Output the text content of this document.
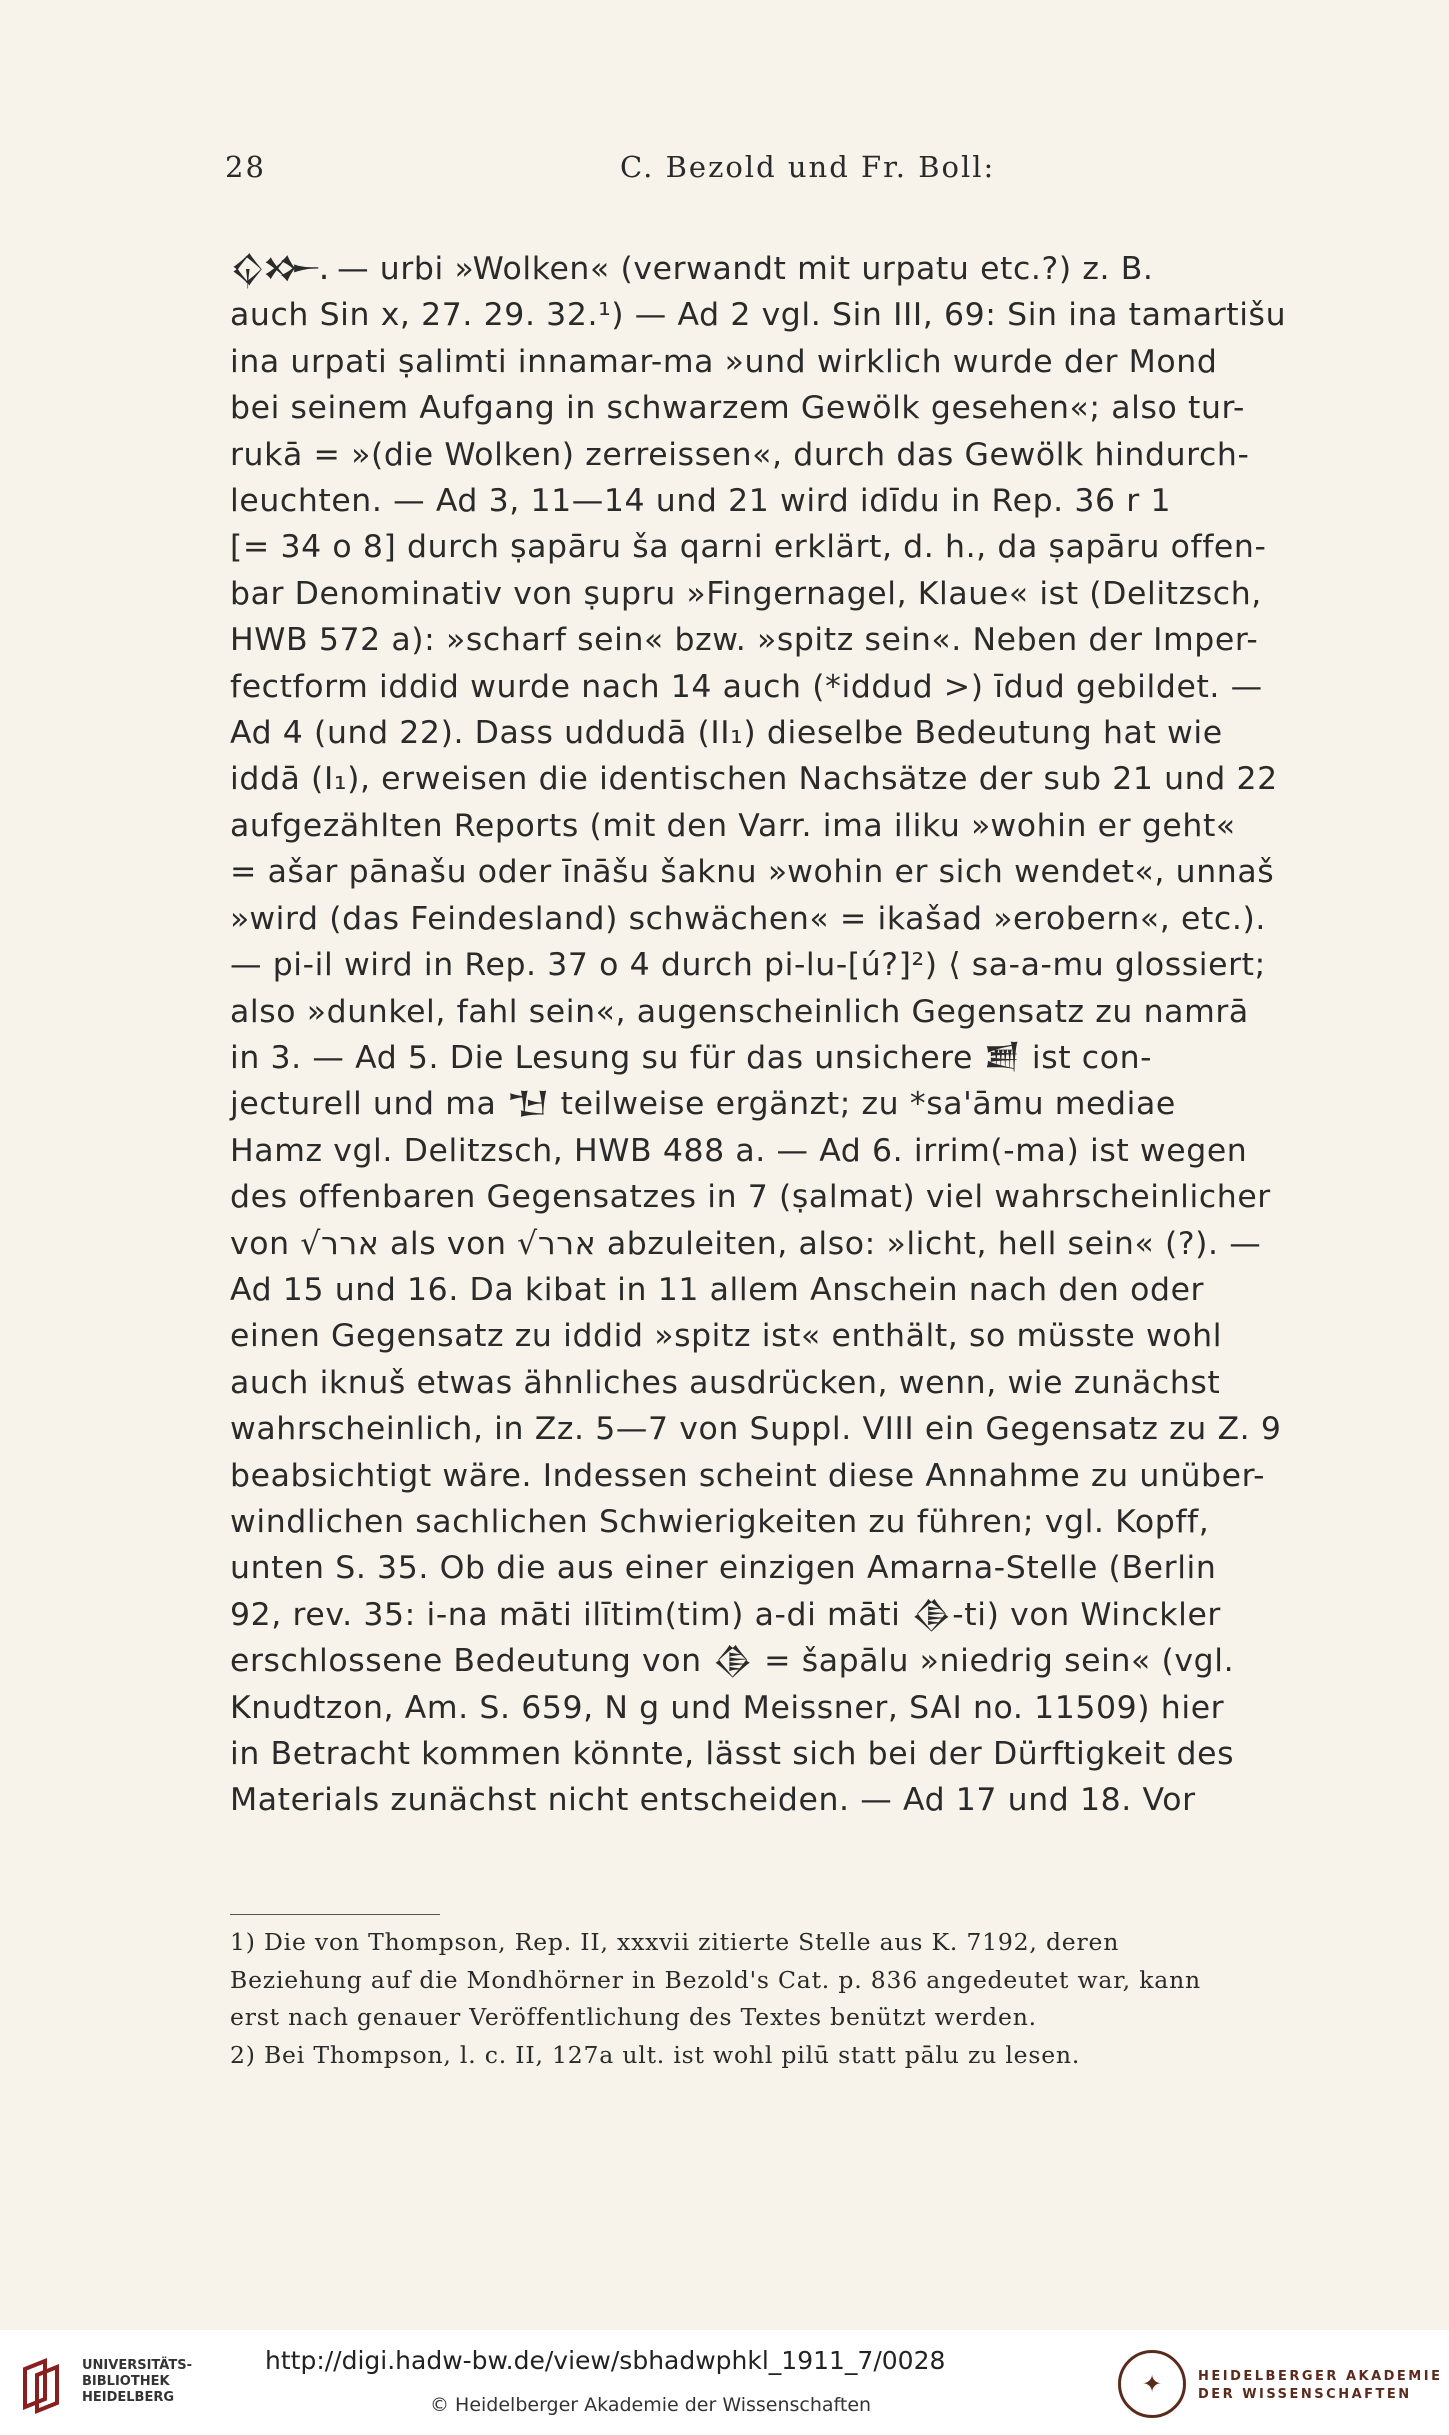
28	C. Bezold und Fr. Boll:

𒌒𒁍. — urbi »Wolken« (verwandt mit urpatu etc.?) z. B.

auch Sin x, 27. 29. 32.¹) — Ad 2 vgl. Sin III, 69: Sin ina tamartišu

ina urpati ṣalimti innamar-ma »und wirklich wurde der Mond

bei seinem Aufgang in schwarzem Gewölk gesehen«; also tur-

rukā = »(die Wolken) zerreissen«, durch das Gewölk hindurch-

leuchten. — Ad 3, 11—14 und 21 wird idīdu in Rep. 36 r 1

[= 34 o 8] durch ṣapāru ša qarni erklärt, d. h., da ṣapāru offen-

bar Denominativ von ṣupru »Fingernagel, Klaue« ist (Delitzsch,

HWB 572 a): »scharf sein« bzw. »spitz sein«. Neben der Imper-

fectform iddid wurde nach 14 auch (*iddud >) īdud gebildet. —

Ad 4 (und 22). Dass uddudā (II₁) dieselbe Bedeutung hat wie

iddā (I₁), erweisen die identischen Nachsätze der sub 21 und 22

aufgezählten Reports (mit den Varr. ima iliku »wohin er geht«

= ašar pānašu oder īnāšu šaknu »wohin er sich wendet«, unnaš

»wird (das Feindesland) schwächen« = ikašad »erobern«, etc.).

— pi-il wird in Rep. 37 o 4 durch pi-lu-[ú?]²) ⟨ sa-a-mu glossiert;

also »dunkel, fahl sein«, augenscheinlich Gegensatz zu namrā

in 3. — Ad 5. Die Lesung su für das unsichere 𒋢 ist con-

jecturell und ma 𒈠 teilweise ergänzt; zu *sa'āmu mediae

Hamz vgl. Delitzsch, HWB 488 a. — Ad 6. irrim(-ma) ist wegen

des offenbaren Gegensatzes in 7 (ṣalmat) viel wahrscheinlicher

von √ארר als von √ארר abzuleiten, also: »licht, hell sein« (?). —

Ad 15 und 16. Da kibat in 11 allem Anschein nach den oder

einen Gegensatz zu iddid »spitz ist« enthält, so müsste wohl

auch iknuš etwas ähnliches ausdrücken, wenn, wie zunächst

wahrscheinlich, in Zz. 5—7 von Suppl. VIII ein Gegensatz zu Z. 9

beabsichtigt wäre. Indessen scheint diese Annahme zu unüber-

windlichen sachlichen Schwierigkeiten zu führen; vgl. Kopff,

unten S. 35. Ob die aus einer einzigen Amarna-Stelle (Berlin

92, rev. 35: i-na māti ilītim(tim) a-di māti 𒆠-ti) von Winckler

erschlossene Bedeutung von 𒆠 = šapālu »niedrig sein« (vgl.

Knudtzon, Am. S. 659, N g und Meissner, SAI no. 11509) hier

in Betracht kommen könnte, lässt sich bei der Dürftigkeit des

Materials zunächst nicht entscheiden. — Ad 17 und 18. Vor

1) Die von Thompson, Rep. II, xxxvii zitierte Stelle aus K. 7192, deren

Beziehung auf die Mondhörner in Bezold's Cat. p. 836 angedeutet war, kann

erst nach genauer Veröffentlichung des Textes benützt werden.

2) Bei Thompson, l. c. II, 127a ult. ist wohl pilū statt pālu zu lesen.

UNIVERSITÄTS-
BIBLIOTHEK
HEIDELBERG
http://digi.hadw-bw.de/view/sbhadwphkl_1911_7/0028
© Heidelberger Akademie der Wissenschaften
✦	HEIDELBERGER AKADEMIE
DER WISSENSCHAFTEN
